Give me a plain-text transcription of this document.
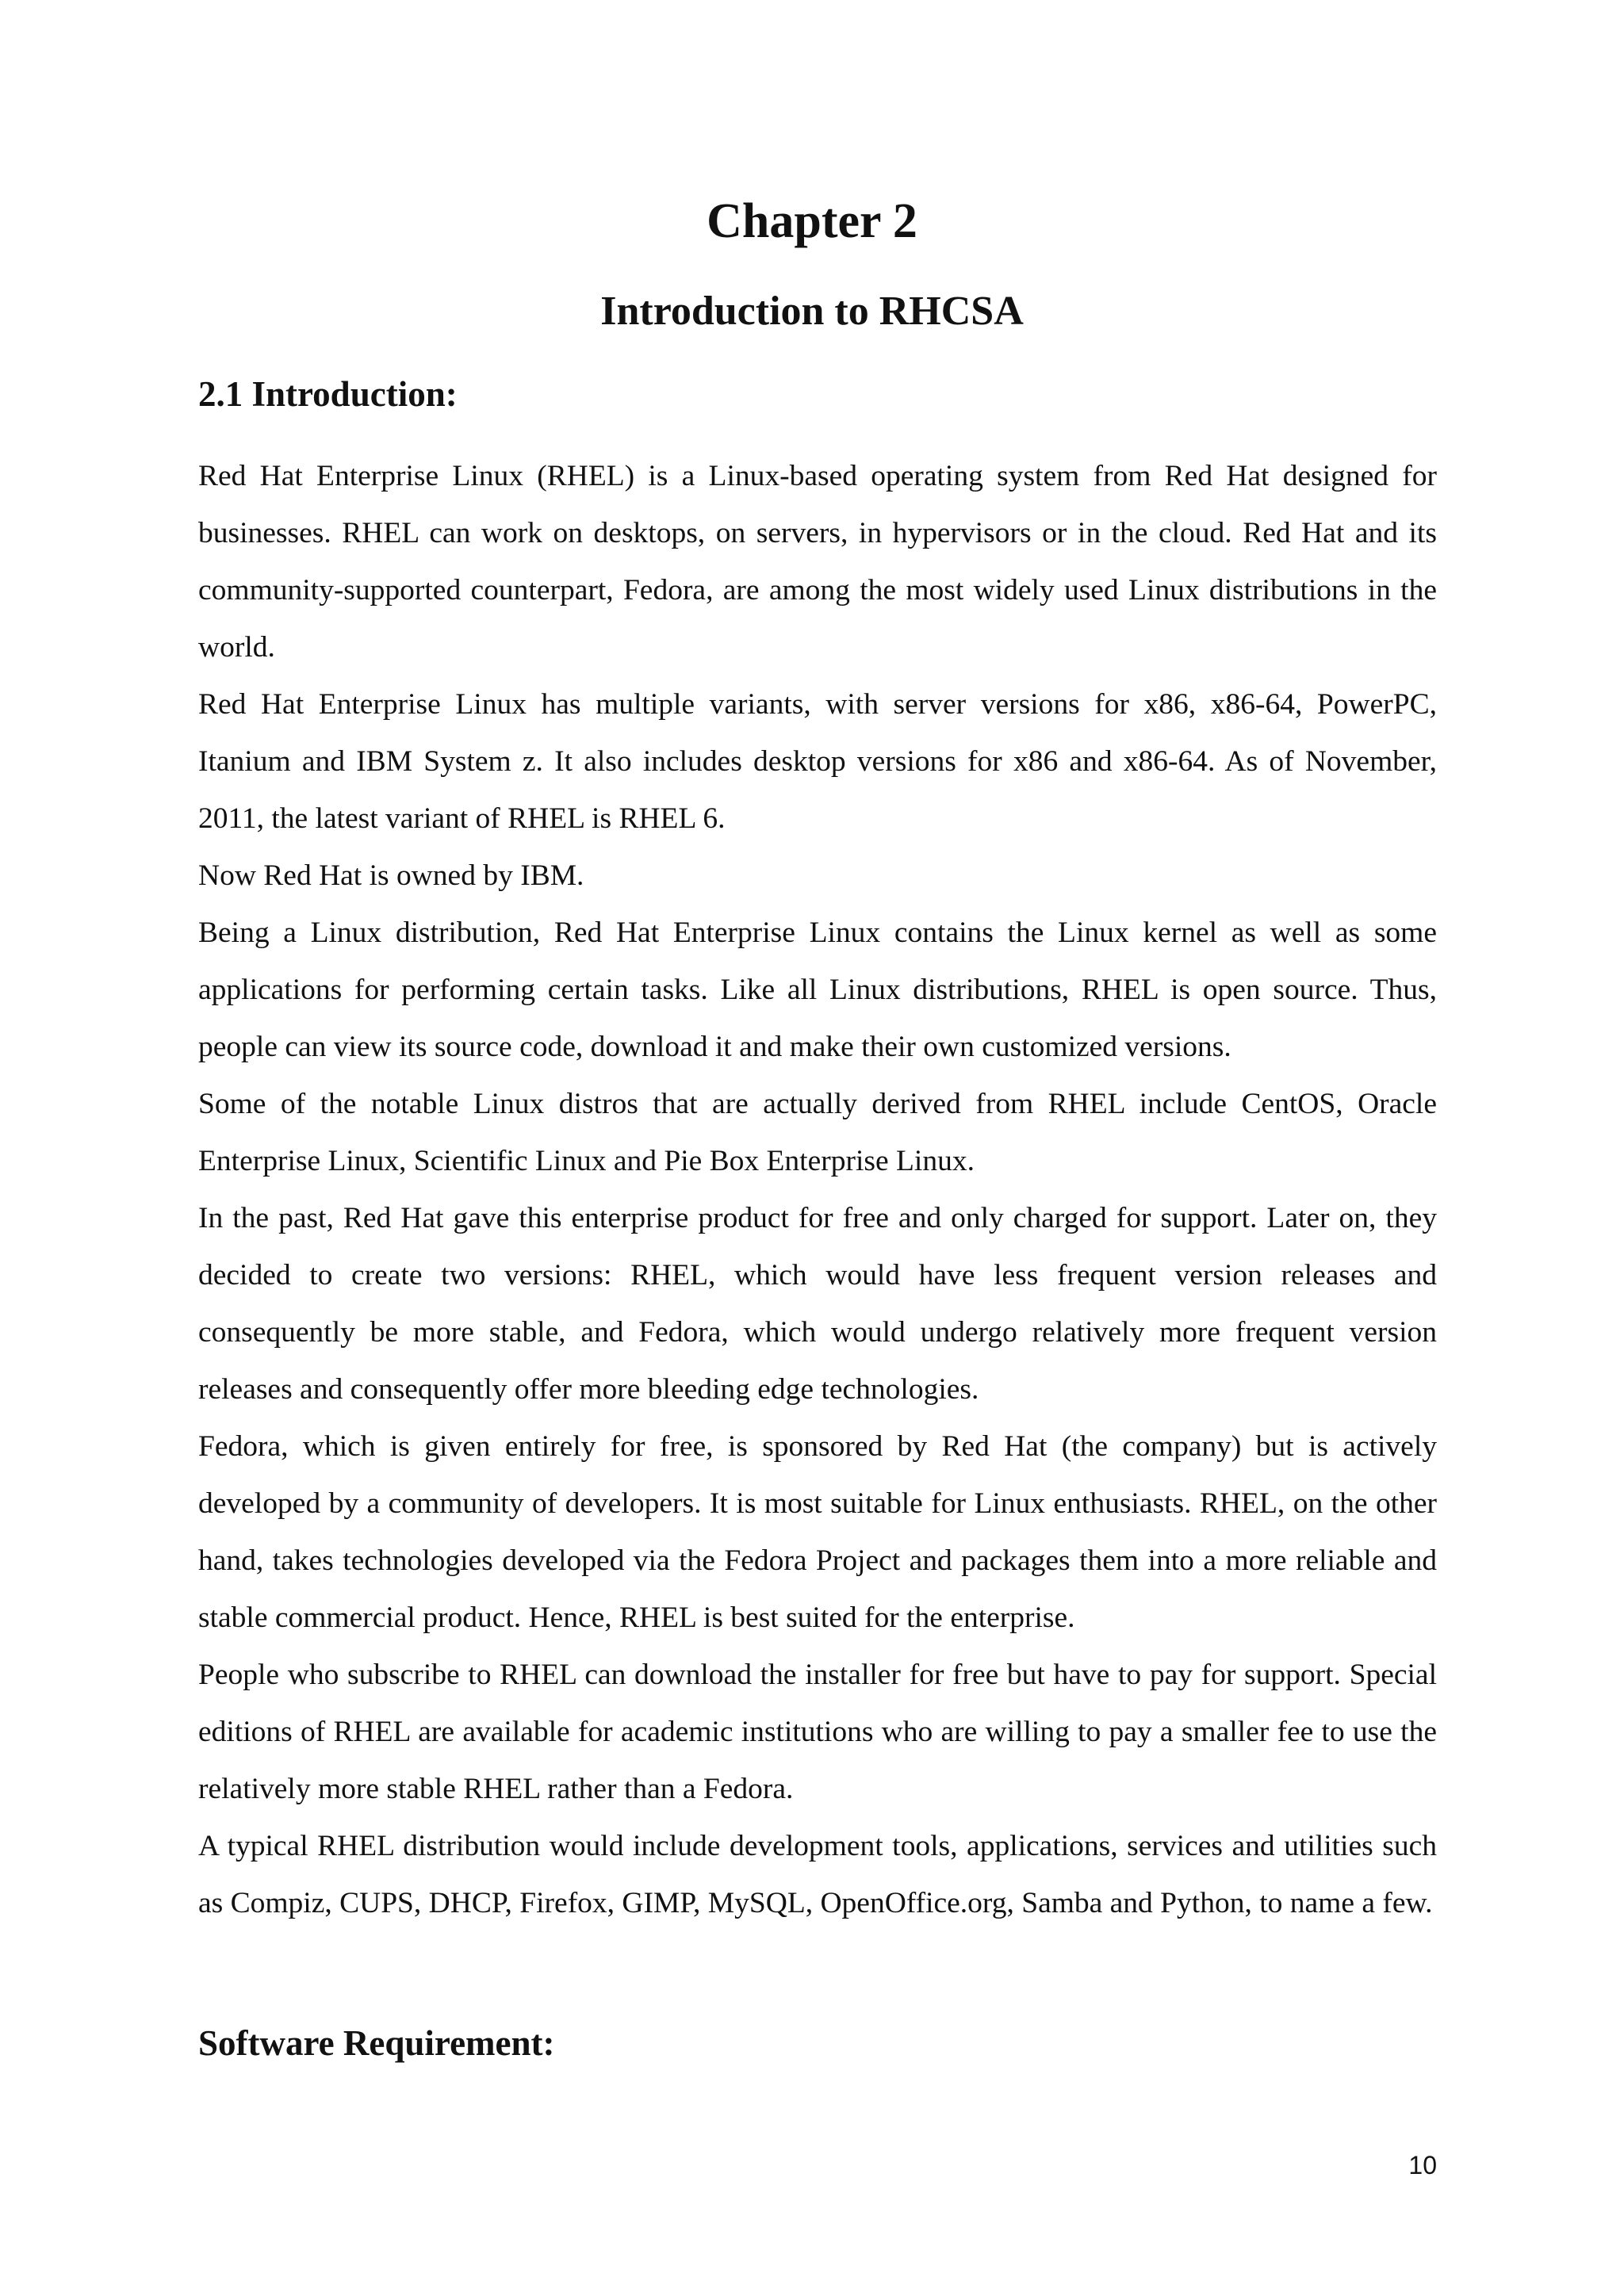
Chapter 2
Introduction to RHCSA
2.1 Introduction:

Red Hat Enterprise Linux (RHEL) is a Linux-based operating system from Red Hat designed for businesses. RHEL can work on desktops, on servers, in hypervisors or in the cloud. Red Hat and its community-supported counterpart, Fedora, are among the most widely used Linux distributions in the world.

Red Hat Enterprise Linux has multiple variants, with server versions for x86, x86-64, PowerPC, Itanium and IBM System z. It also includes desktop versions for x86 and x86-64. As of November, 2011, the latest variant of RHEL is RHEL 6.

Now Red Hat is owned by IBM.

Being a Linux distribution, Red Hat Enterprise Linux contains the Linux kernel as well as some applications for performing certain tasks. Like all Linux distributions, RHEL is open source. Thus, people can view its source code, download it and make their own customized versions.

Some of the notable Linux distros that are actually derived from RHEL include CentOS, Oracle Enterprise Linux, Scientific Linux and Pie Box Enterprise Linux.

In the past, Red Hat gave this enterprise product for free and only charged for support. Later on, they decided to create two versions: RHEL, which would have less frequent version releases and consequently be more stable, and Fedora, which would undergo relatively more frequent version releases and consequently offer more bleeding edge technologies.

Fedora, which is given entirely for free, is sponsored by Red Hat (the company) but is actively developed by a community of developers. It is most suitable for Linux enthusiasts. RHEL, on the other hand, takes technologies developed via the Fedora Project and packages them into a more reliable and stable commercial product. Hence, RHEL is best suited for the enterprise.

People who subscribe to RHEL can download the installer for free but have to pay for support. Special editions of RHEL are available for academic institutions who are willing to pay a smaller fee to use the relatively more stable RHEL rather than a Fedora.

A typical RHEL distribution would include development tools, applications, services and utilities such as Compiz, CUPS, DHCP, Firefox, GIMP, MySQL, OpenOffice.org, Samba and Python, to name a few.

Software Requirement:
10
